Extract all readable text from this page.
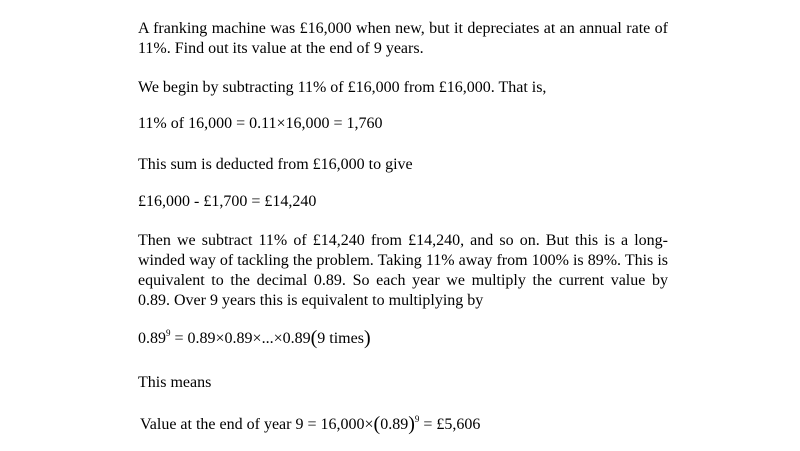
A franking machine was £16,000 when new, but it depreciates at an annual rate of 11%. Find out its value at the end of 9 years.

We begin by subtracting 11% of £16,000 from £16,000. That is,

11% of 16,000 = 0.11×16,000 = 1,760

This sum is deducted from £16,000 to give

£16,000 - £1,700 = £14,240

Then we subtract 11% of £14,240 from £14,240, and so on. But this is a long-winded way of tackling the problem. Taking 11% away from 100% is 89%. This is equivalent to the decimal 0.89. So each year we multiply the current value by 0.89. Over 9 years this is equivalent to multiplying by

$0.89^9 = 0.89\times 0.89\times...\times 0.89(9$ times)

This means

Value at the end of year $9 = 16,000\times(0.89)^9$ = £5,606
